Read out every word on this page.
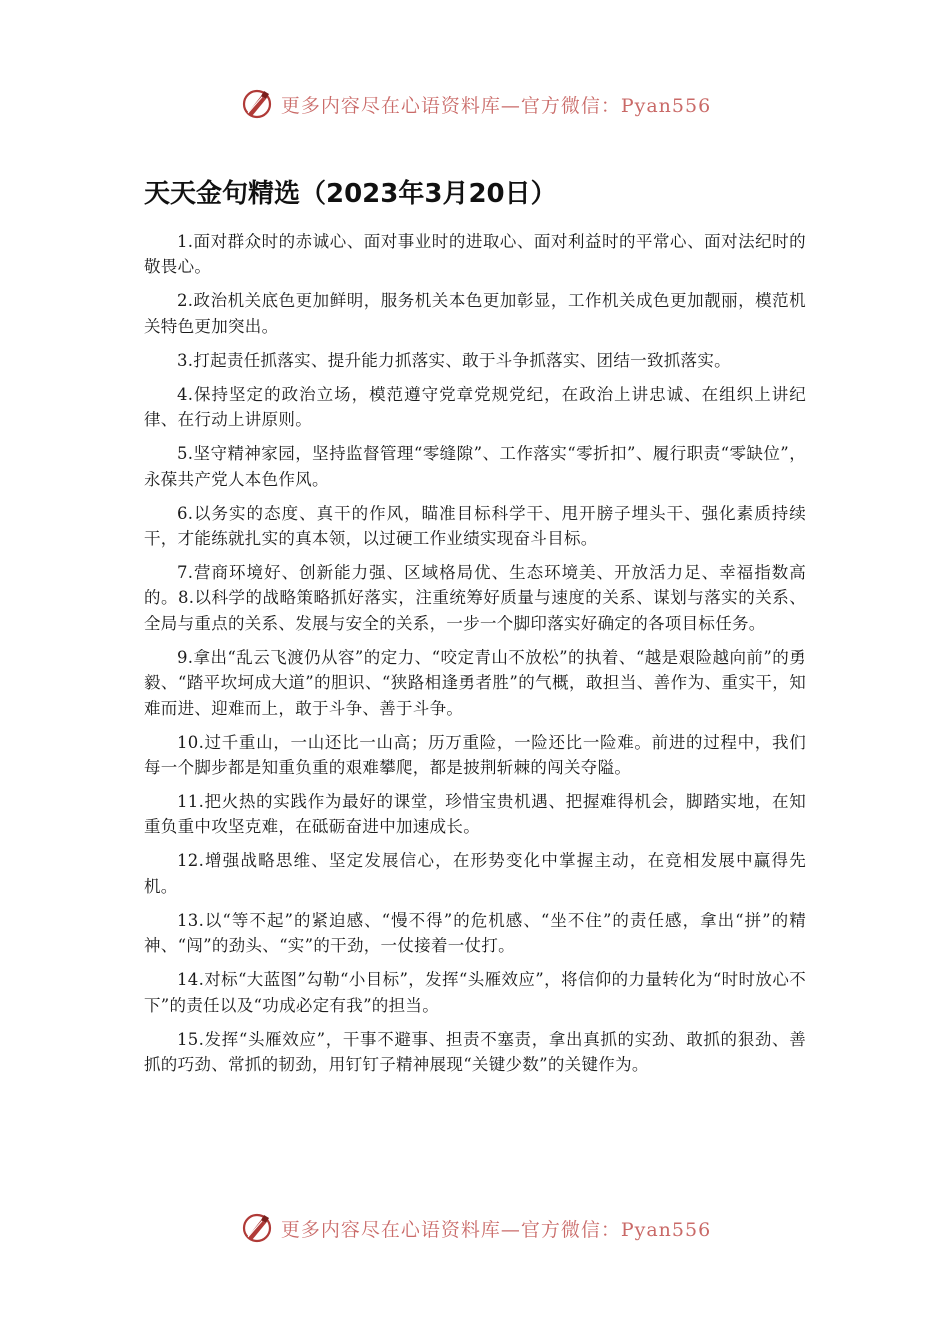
更多内容尽在心语资料库—官方微信：Pyan556
天天金句精选（2023年3月20日）

1.面对群众时的赤诚心、面对事业时的进取心、面对利益时的平常心、面对法纪时的敬畏心。

2.政治机关底色更加鲜明，服务机关本色更加彰显，工作机关成色更加靓丽，模范机关特色更加突出。

3.打起责任抓落实、提升能力抓落实、敢于斗争抓落实、团结一致抓落实。

4.保持坚定的政治立场，模范遵守党章党规党纪，在政治上讲忠诚、在组织上讲纪律、在行动上讲原则。

5.坚守精神家园，坚持监督管理“零缝隙”、工作落实“零折扣”、履行职责“零缺位”，永葆共产党人本色作风。

6.以务实的态度、真干的作风，瞄准目标科学干、甩开膀子埋头干、强化素质持续干，才能练就扎实的真本领，以过硬工作业绩实现奋斗目标。

7.营商环境好、创新能力强、区域格局优、生态环境美、开放活力足、幸福指数高的。8.以科学的战略策略抓好落实，注重统筹好质量与速度的关系、谋划与落实的关系、全局与重点的关系、发展与安全的关系，一步一个脚印落实好确定的各项目标任务。

9.拿出“乱云飞渡仍从容”的定力、“咬定青山不放松”的执着、“越是艰险越向前”的勇毅、“踏平坎坷成大道”的胆识、“狭路相逢勇者胜”的气概，敢担当、善作为、重实干，知难而进、迎难而上，敢于斗争、善于斗争。

10.过千重山，一山还比一山高；历万重险，一险还比一险难。前进的过程中，我们每一个脚步都是知重负重的艰难攀爬，都是披荆斩棘的闯关夺隘。

11.把火热的实践作为最好的课堂，珍惜宝贵机遇、把握难得机会，脚踏实地，在知重负重中攻坚克难，在砥砺奋进中加速成长。

12.增强战略思维、坚定发展信心，在形势变化中掌握主动，在竞相发展中赢得先机。

13.以“等不起”的紧迫感、“慢不得”的危机感、“坐不住”的责任感，拿出“拼”的精神、“闯”的劲头、“实”的干劲，一仗接着一仗打。

14.对标“大蓝图”勾勒“小目标”，发挥“头雁效应”，将信仰的力量转化为“时时放心不下”的责任以及“功成必定有我”的担当。

15.发挥“头雁效应”，干事不避事、担责不塞责，拿出真抓的实劲、敢抓的狠劲、善抓的巧劲、常抓的韧劲，用钉钉子精神展现“关键少数”的关键作为。

更多内容尽在心语资料库—官方微信：Pyan556
